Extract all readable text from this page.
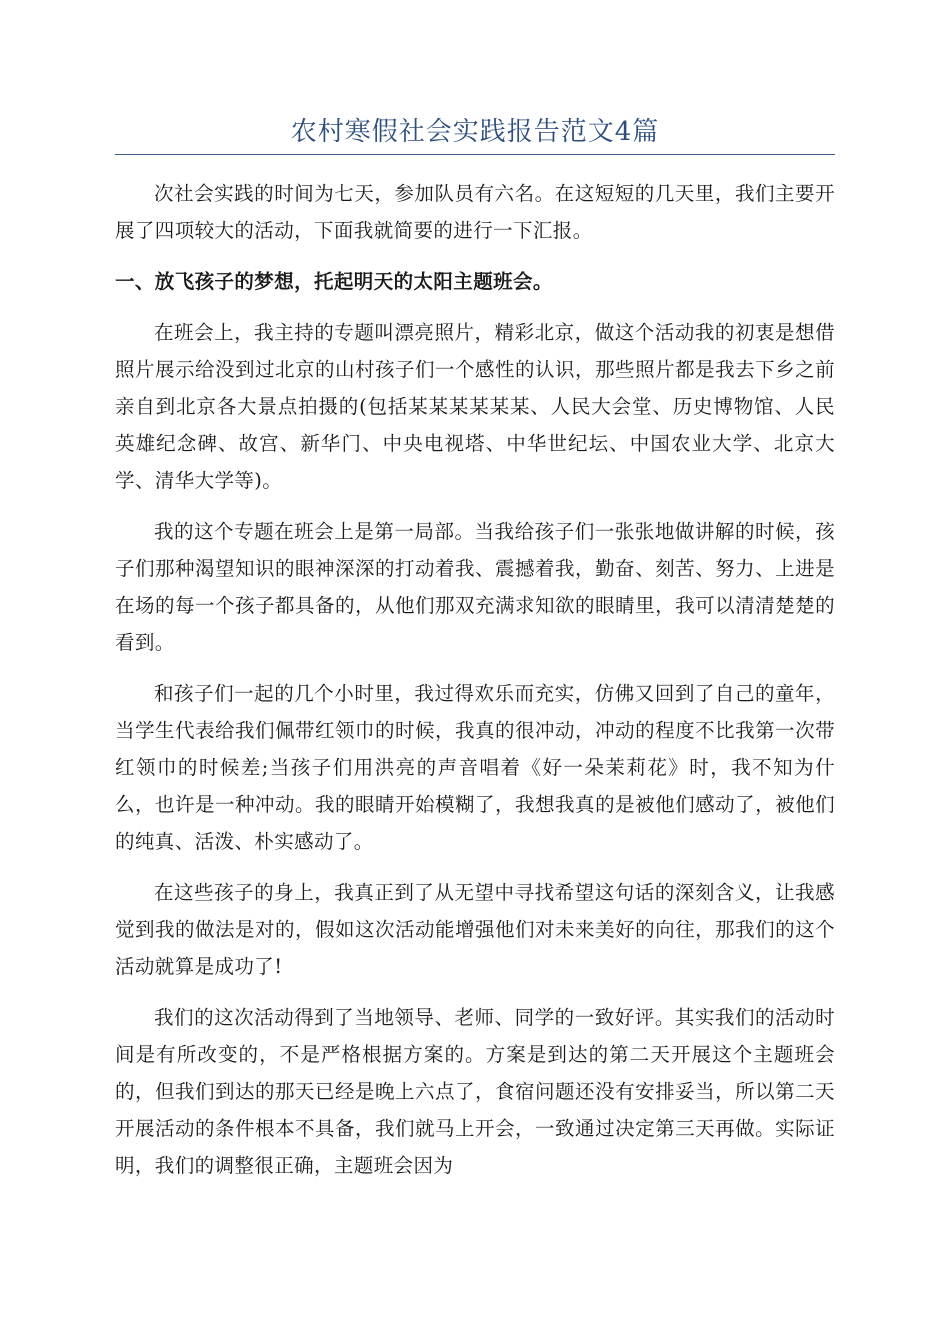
农村寒假社会实践报告范文4篇

次社会实践的时间为七天，参加队员有六名。在这短短的几天里，我们主要开展了四项较大的活动，下面我就简要的进行一下汇报。

一、放飞孩子的梦想，托起明天的太阳主题班会。

在班会上，我主持的专题叫漂亮照片，精彩北京，做这个活动我的初衷是想借照片展示给没到过北京的山村孩子们一个感性的认识，那些照片都是我去下乡之前亲自到北京各大景点拍摄的(包括某某某某某某、人民大会堂、历史博物馆、人民英雄纪念碑、故宫、新华门、中央电视塔、中华世纪坛、中国农业大学、北京大学、清华大学等)。

我的这个专题在班会上是第一局部。当我给孩子们一张张地做讲解的时候，孩子们那种渴望知识的眼神深深的打动着我、震撼着我，勤奋、刻苦、努力、上进是在场的每一个孩子都具备的，从他们那双充满求知欲的眼睛里，我可以清清楚楚的看到。

和孩子们一起的几个小时里，我过得欢乐而充实，仿佛又回到了自己的童年，当学生代表给我们佩带红领巾的时候，我真的很冲动，冲动的程度不比我第一次带红领巾的时候差;当孩子们用洪亮的声音唱着《好一朵茉莉花》时，我不知为什么，也许是一种冲动。我的眼睛开始模糊了，我想我真的是被他们感动了，被他们的纯真、活泼、朴实感动了。

在这些孩子的身上，我真正到了从无望中寻找希望这句话的深刻含义，让我感觉到我的做法是对的，假如这次活动能增强他们对未来美好的向往，那我们的这个活动就算是成功了!

我们的这次活动得到了当地领导、老师、同学的一致好评。其实我们的活动时间是有所改变的，不是严格根据方案的。方案是到达的第二天开展这个主题班会的，但我们到达的那天已经是晚上六点了，食宿问题还没有安排妥当，所以第二天开展活动的条件根本不具备，我们就马上开会，一致通过决定第三天再做。实际证明，我们的调整很正确，主题班会因为
